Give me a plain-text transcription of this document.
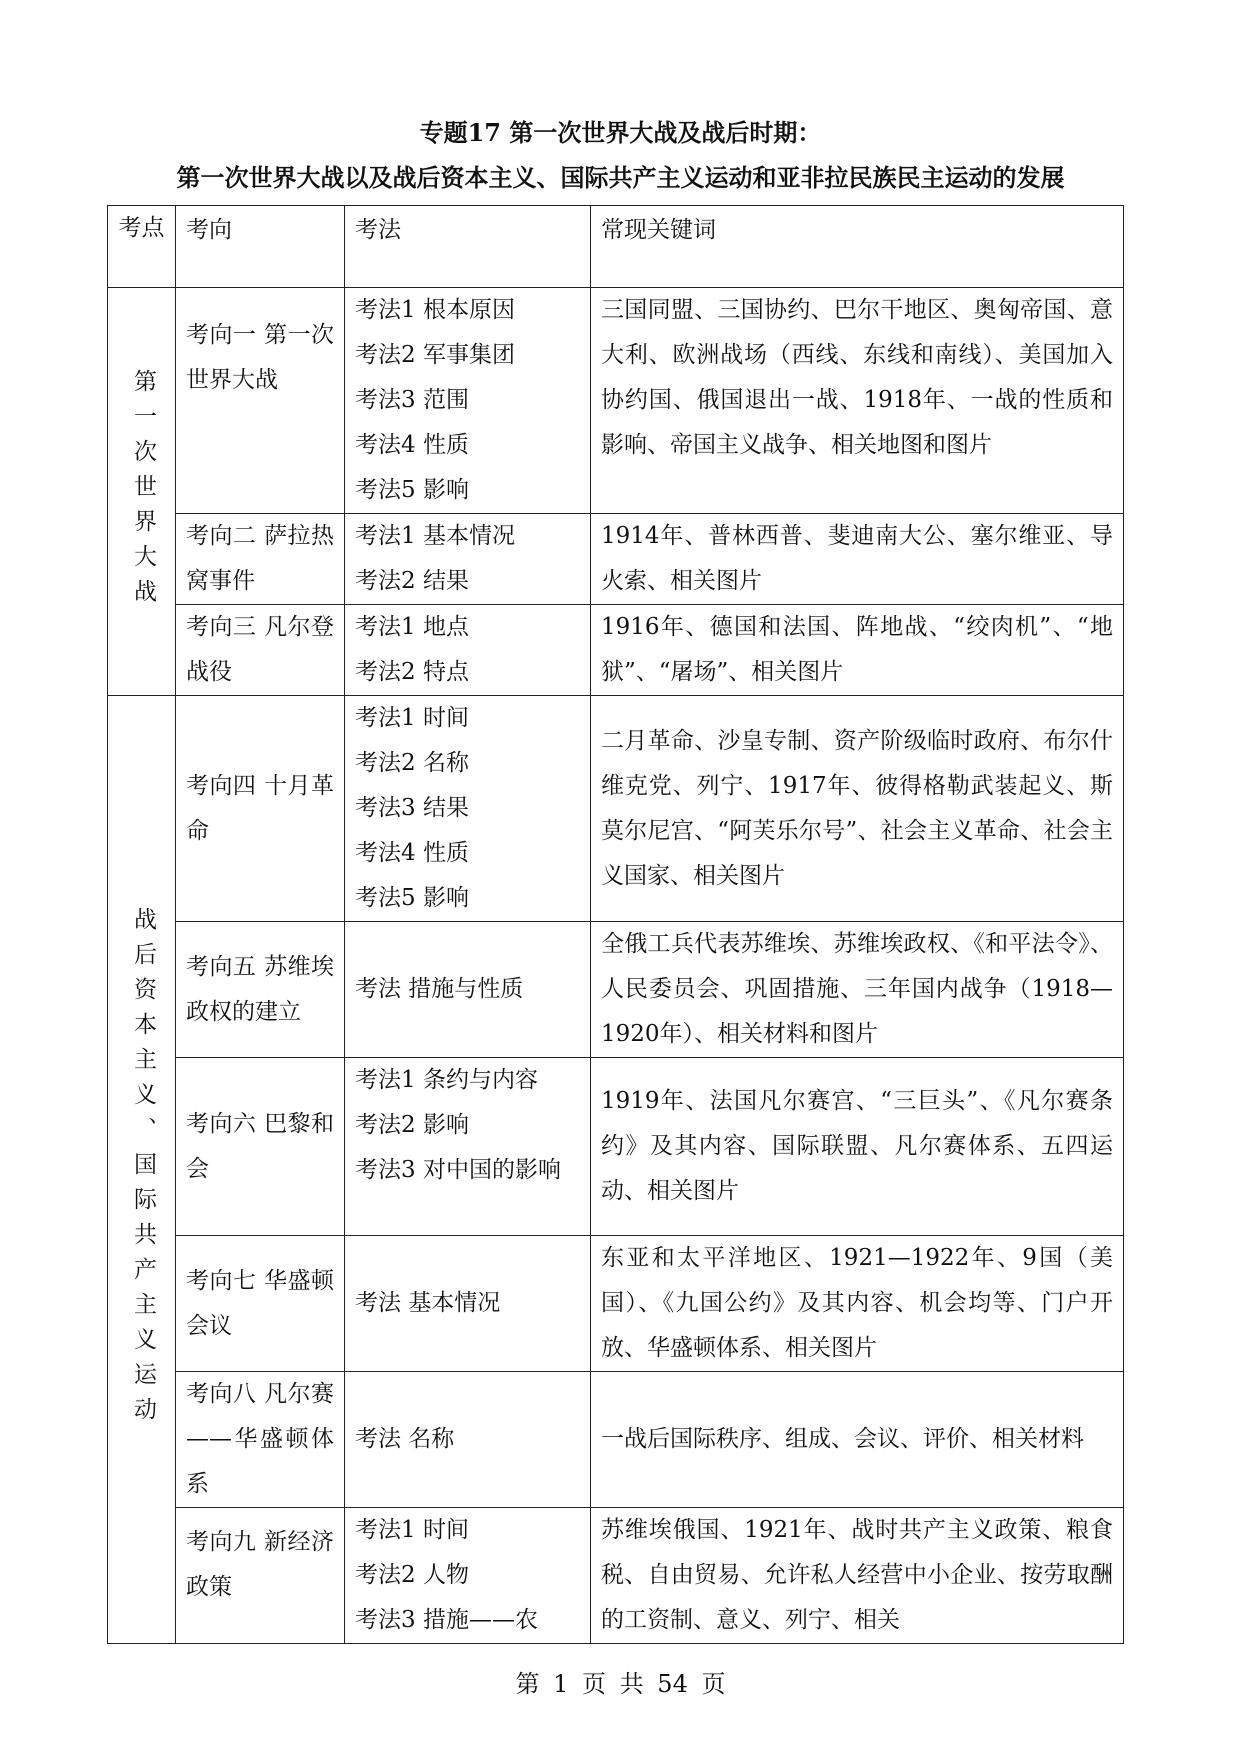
专题17 第一次世界大战及战后时期：
第一次世界大战以及战后资本主义、国际共产主义运动和亚非拉民族民主运动的发展
考点	考向	考法	常现关键词
第一次世界大战	考向一 第一次世界大战	考法1 根本原因
考法2 军事集团
考法3 范围
考法4 性质
考法5 影响	三国同盟、三国协约、巴尔干地区、奥匈帝国、意大利、欧洲战场（西线、东线和南线）、美国加入协约国、俄国退出一战、1918年、一战的性质和影响、帝国主义战争、相关地图和图片
	考向二 萨拉热窝事件	考法1 基本情况
考法2 结果	1914年、普林西普、斐迪南大公、塞尔维亚、导火索、相关图片
	考向三 凡尔登战役	考法1 地点
考法2 特点	1916年、德国和法国、阵地战、“绞肉机”、“地狱”、“屠场”、相关图片
战后资本主义、国际共产主义运动	考向四 十月革命	考法1 时间
考法2 名称
考法3 结果
考法4 性质
考法5 影响	二月革命、沙皇专制、资产阶级临时政府、布尔什维克党、列宁、1917年、彼得格勒武装起义、斯莫尔尼宫、“阿芙乐尔号”、社会主义革命、社会主义国家、相关图片
	考向五 苏维埃政权的建立	考法 措施与性质	全俄工兵代表苏维埃、苏维埃政权、《和平法令》、人民委员会、巩固措施、三年国内战争（1918—1920年）、相关材料和图片
	考向六 巴黎和会	考法1 条约与内容
考法2 影响
考法3 对中国的影响	1919年、法国凡尔赛宫、“三巨头”、《凡尔赛条约》及其内容、国际联盟、凡尔赛体系、五四运动、相关图片
	考向七 华盛顿会议	考法 基本情况	东亚和太平洋地区、1921—1922年、9国（美国）、《九国公约》及其内容、机会均等、门户开放、华盛顿体系、相关图片
	考向八 凡尔赛——华盛顿体系	考法 名称	一战后国际秩序、组成、会议、评价、相关材料
	考向九 新经济政策	考法1 时间
考法2 人物
考法3 措施——农	苏维埃俄国、1921年、战时共产主义政策、粮食税、自由贸易、允许私人经营中小企业、按劳取酬的工资制、意义、列宁、相关
第 1 页 共 54 页
